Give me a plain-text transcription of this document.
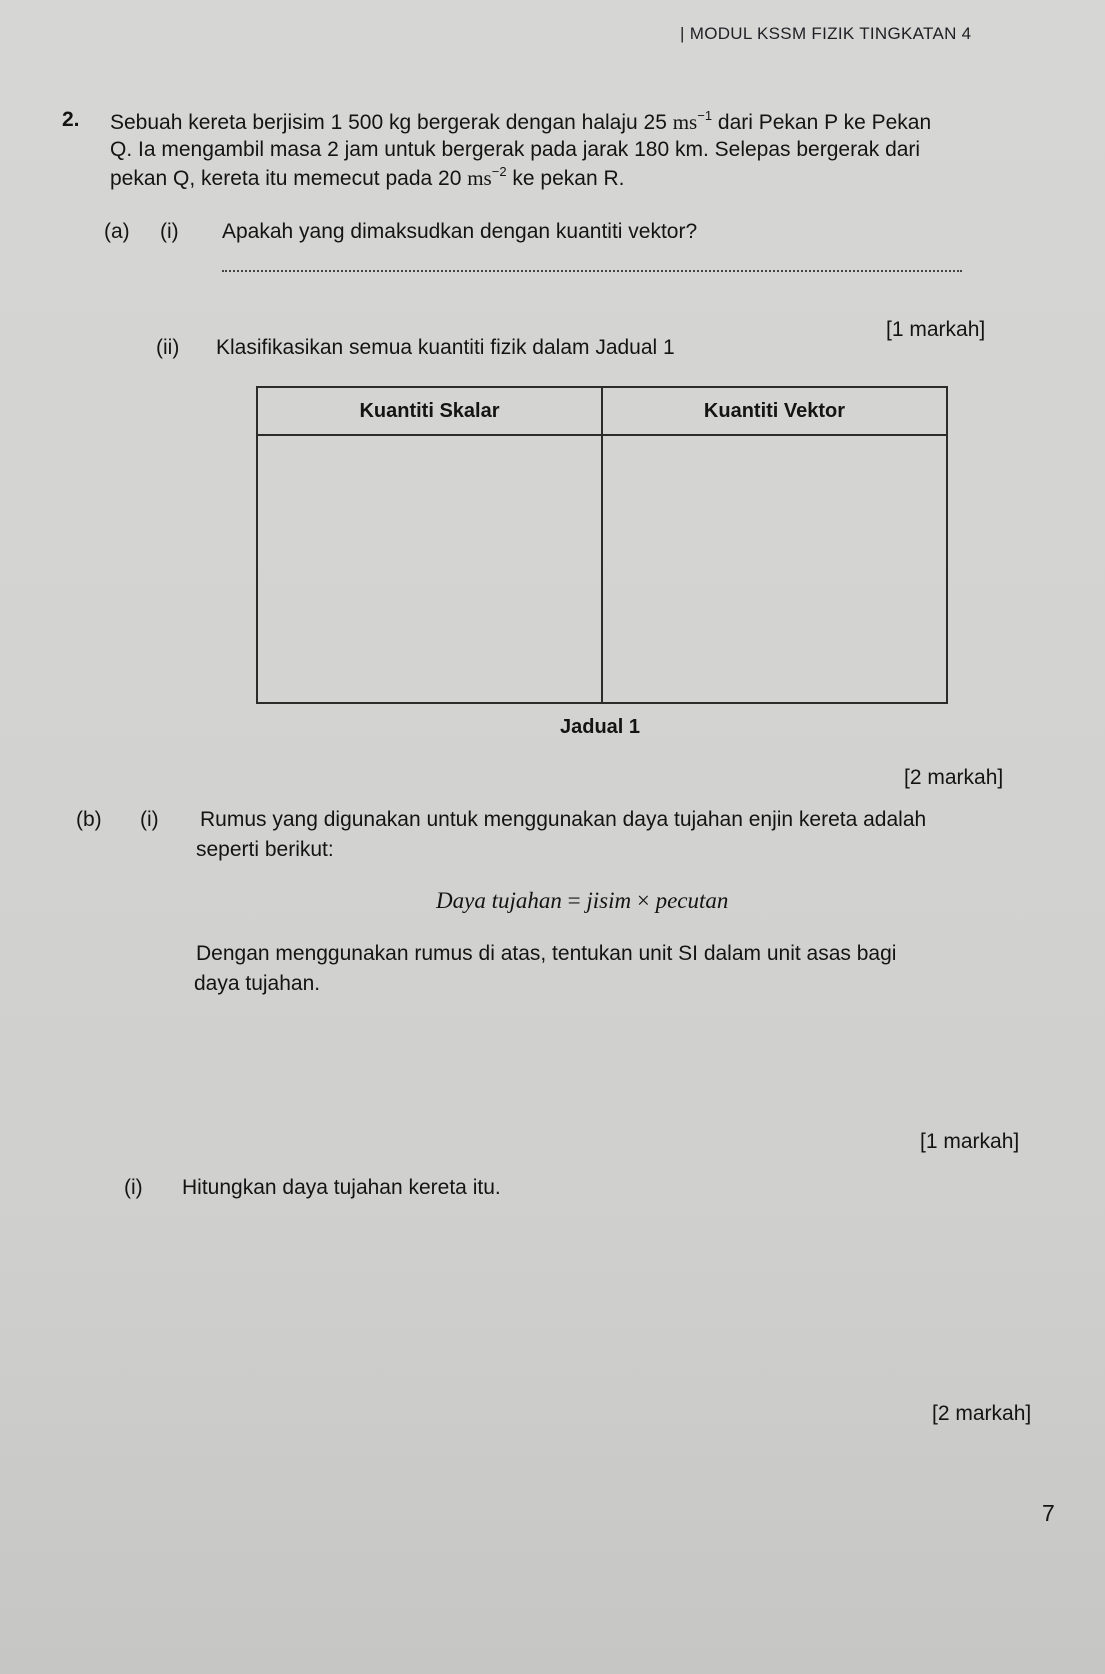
| MODUL KSSM FIZIK TINGKATAN 4
2. Sebuah kereta berjisim 1 500 kg bergerak dengan halaju 25 $ms^{-1}$ dari Pekan P ke Pekan
Q. Ia mengambil masa 2 jam untuk bergerak pada jarak 180 km. Selepas bergerak dari
pekan Q, kereta itu memecut pada 20 $ms^{-2}$ ke pekan R.
(a) (i) Apakah yang dimaksudkan dengan kuantiti vektor?
[1 markah]
(ii) Klasifikasikan semua kuantiti fizik dalam Jadual 1
Kuantiti Skalar	Kuantiti Vektor

Jadual 1
[2 markah]
(b) (i) Rumus yang digunakan untuk menggunakan daya tujahan enjin kereta adalah
seperti berikut:
Daya tujahan = jisim × pecutan
Dengan menggunakan rumus di atas, tentukan unit SI dalam unit asas bagi
daya tujahan.
[1 markah]
(i) Hitungkan daya tujahan kereta itu.
[2 markah]
7
